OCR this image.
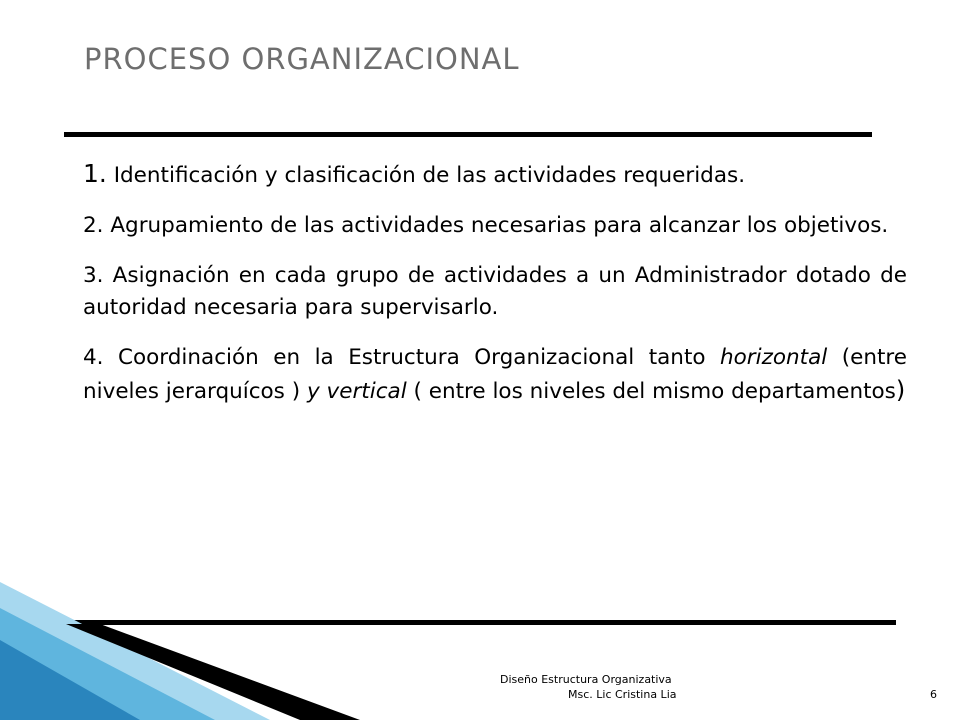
PROCESO ORGANIZACIONAL

1. Identificación y clasificación de las actividades requeridas.

2. Agrupamiento de las actividades necesarias para alcanzar los objetivos.

3. Asignación en cada grupo de actividades a un Administrador dotado de autoridad necesaria para supervisarlo.

4. Coordinación en la Estructura Organizacional tanto horizontal (entre niveles jerarquícos ) y vertical ( entre los niveles del mismo departamentos)

Diseño Estructura Organizativa
Msc. Lic Cristina Lia	6
